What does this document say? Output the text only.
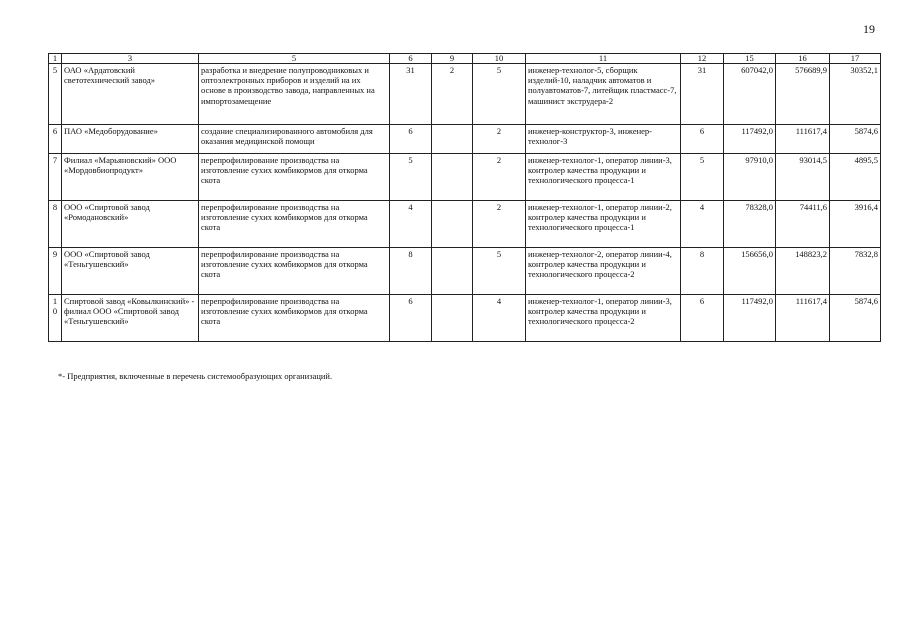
19
1	3	5	6	9	10	11	12	15	16	17
5	ОАО «Ардатовский светотехнический завод»	разработка и внедрение полупроводниковых и оптоэлектронных приборов и изделий на их основе в производство завода, направленных на импортозамещение	31	2	5	инженер-технолог-5, сборщик изделий-10, наладчик автоматов и полуавтоматов-7, литейщик пластмасс-7, машинист экструдера-2	31	607042,0	576689,9	30352,1
6	ПАО «Медоборудование»	создание специализированного автомобиля для оказания медицинской помощи	6		2	инженер-конструктор-3, инженер-технолог-3	6	117492,0	111617,4	5874,6
7	Филиал «Марьяновский» ООО «Мордовбиопродукт»	перепрофилирование производства на изготовление сухих комбикормов для откорма скота	5		2	инженер-технолог-1, оператор линии-3, контролер качества продукции и технологического процесса-1	5	97910,0	93014,5	4895,5
8	ООО «Спиртовой завод «Ромодановский»	перепрофилирование производства на изготовление сухих комбикормов для откорма скота	4		2	инженер-технолог-1, оператор линии-2, контролер качества продукции и технологического процесса-1	4	78328,0	74411,6	3916,4
9	ООО «Спиртовой завод «Теньгушевский»	перепрофилирование производства на изготовление сухих комбикормов для откорма скота	8		5	инженер-технолог-2, оператор линии-4, контролер качества продукции и технологического процесса-2	8	156656,0	148823,2	7832,8
10	Спиртовой завод «Ковылкинский» - филиал ООО «Спиртовой завод «Теньгушевский»	перепрофилирование производства на изготовление сухих комбикормов для откорма скота	6		4	инженер-технолог-1, оператор линии-3, контролер качества продукции и технологического процесса-2	6	117492,0	111617,4	5874,6
*- Предприятия, включенные в перечень системообразующих организаций.
